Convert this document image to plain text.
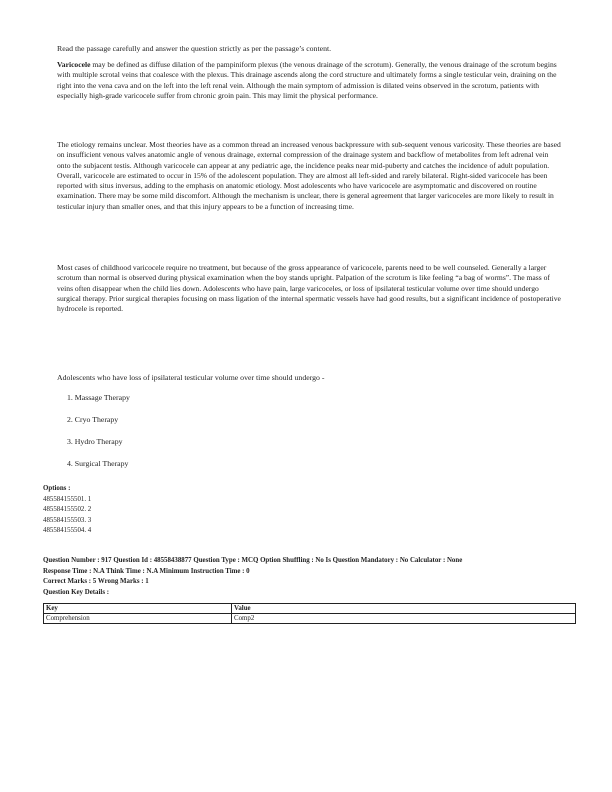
Read the passage carefully and answer the question strictly as per the passage’s content.

Varicocele may be defined as diffuse dilation of the pampiniform plexus (the venous drainage of the scrotum). Generally, the venous drainage of the scrotum begins with multiple scrotal veins that coalesce with the plexus. This drainage ascends along the cord structure and ultimately forms a single testicular vein, draining on the right into the vena cava and on the left into the left renal vein. Although the main symptom of admission is dilated veins observed in the scrotum, patients with especially high-grade varicocele suffer from chronic groin pain. This may limit the physical performance.

The etiology remains unclear. Most theories have as a common thread an increased venous backpressure with sub-sequent venous varicosity. These theories are based on insufficient venous valves anatomic angle of venous drainage, external compression of the drainage system and backflow of metabolites from left adrenal vein onto the subjacent testis. Although varicocele can appear at any pediatric age, the incidence peaks near mid-puberty and catches the incidence of adult population. Overall, varicocele are estimated to occur in 15% of the adolescent population. They are almost all left-sided and rarely bilateral. Right-sided varicocele has been reported with situs inversus, adding to the emphasis on anatomic etiology. Most adolescents who have varicocele are asymptomatic and discovered on routine examination. There may be some mild discomfort. Although the mechanism is unclear, there is general agreement that larger varicoceles are more likely to result in testicular injury than smaller ones, and that this injury appears to be a function of increasing time.

Most cases of childhood varicocele require no treatment, but because of the gross appearance of varicocele, parents need to be well counseled. Generally a larger scrotum than normal is observed during physical examination when the boy stands upright. Palpation of the scrotum is like feeling “a bag of worms”. The mass of veins often disappear when the child lies down. Adolescents who have pain, large varicoceles, or loss of ipsilateral testicular volume over time should undergo surgical therapy. Prior surgical therapies focusing on mass ligation of the internal spermatic vessels have had good results, but a significant incidence of postoperative hydrocele is reported.

Adolescents who have loss of ipsilateral testicular volume over time should undergo -
1. Massage Therapy
2. Cryo Therapy
3. Hydro Therapy
4. Surgical Therapy
Options :
485584155501. 1
485584155502. 2
485584155503. 3
485584155504. 4
Question Number : 917 Question Id : 48558438877 Question Type : MCQ Option Shuffling : No Is Question Mandatory : No Calculator : None
Response Time : N.A Think Time : N.A Minimum Instruction Time : 0
Correct Marks : 5 Wrong Marks : 1
Question Key Details :
Key	Value
Comprehension	Comp2
